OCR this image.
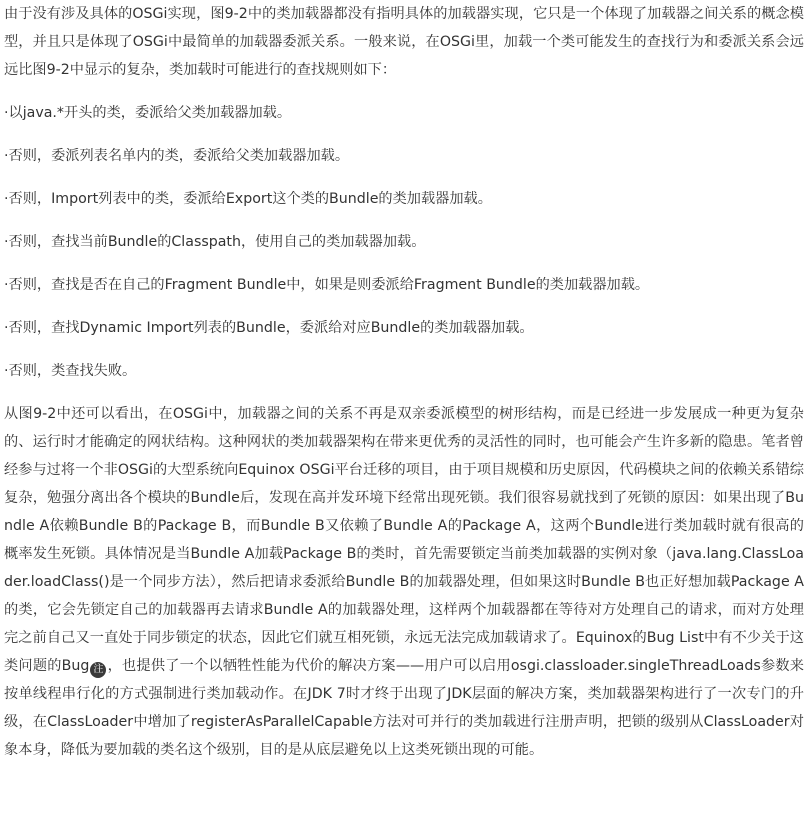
由于没有涉及具体的OSGi实现，图9-2中的类加载器都没有指明具体的加载器实现，它只是一个体现了加载器之间关系的概念模型，并且只是体现了OSGi中最简单的加载器委派关系。一般来说，在OSGi里，加载一个类可能发生的查找行为和委派关系会远远比图9-2中显示的复杂，类加载时可能进行的查找规则如下：

·以java.*开头的类，委派给父类加载器加载。

·否则，委派列表名单内的类，委派给父类加载器加载。

·否则，Import列表中的类，委派给Export这个类的Bundle的类加载器加载。

·否则，查找当前Bundle的Classpath，使用自己的类加载器加载。

·否则，查找是否在自己的Fragment Bundle中，如果是则委派给Fragment Bundle的类加载器加载。

·否则，查找Dynamic Import列表的Bundle，委派给对应Bundle的类加载器加载。

·否则，类查找失败。

从图9-2中还可以看出，在OSGi中，加载器之间的关系不再是双亲委派模型的树形结构，而是已经进一步发展成一种更为复杂的、运行时才能确定的网状结构。这种网状的类加载器架构在带来更优秀的灵活性的同时，也可能会产生许多新的隐患。笔者曾经参与过将一个非OSGi的大型系统向Equinox OSGi平台迁移的项目，由于项目规模和历史原因，代码模块之间的依赖关系错综复杂，勉强分离出各个模块的Bundle后，发现在高并发环境下经常出现死锁。我们很容易就找到了死锁的原因：如果出现了Bundle A依赖Bundle B的Package B，而Bundle B又依赖了Bundle A的Package A，这两个Bundle进行类加载时就有很高的概率发生死锁。具体情况是当Bundle A加载Package B的类时，首先需要锁定当前类加载器的实例对象（java.lang.ClassLoader.loadClass()是一个同步方法），然后把请求委派给Bundle B的加载器处理，但如果这时Bundle B也正好想加载Package A的类，它会先锁定自己的加载器再去请求Bundle A的加载器处理，这样两个加载器都在等待对方处理自己的请求，而对方处理完之前自己又一直处于同步锁定的状态，因此它们就互相死锁，永远无法完成加载请求了。Equinox的Bug List中有不少关于这类问题的Bug 注 ，也提供了一个以牺牲性能为代价的解决方案——用户可以启用osgi.classloader.singleThreadLoads参数来按单线程串行化的方式强制进行类加载动作。在JDK 7时才终于出现了JDK层面的解决方案，类加载器架构进行了一次专门的升级，在ClassLoader中增加了registerAsParallelCapable方法对可并行的类加载进行注册声明，把锁的级别从ClassLoader对象本身，降低为要加载的类名这个级别，目的是从底层避免以上这类死锁出现的可能。
